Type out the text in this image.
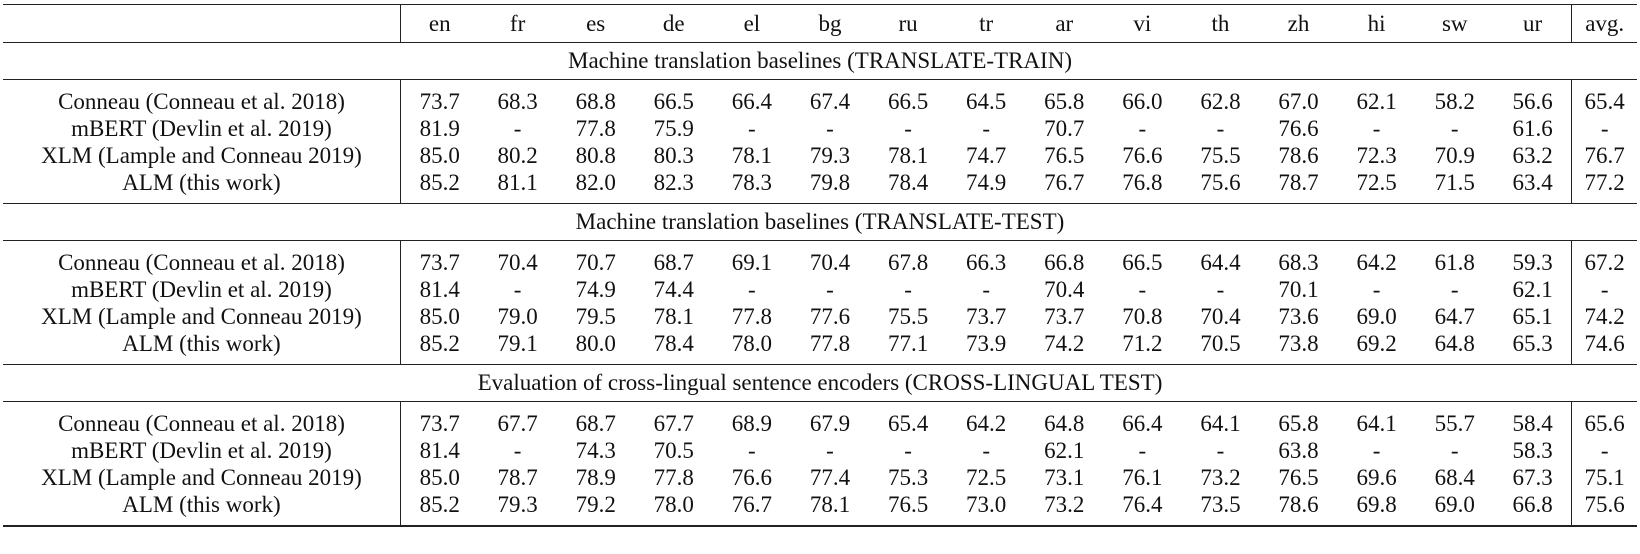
	en	fr	es	de	el	bg	ru	tr	ar	vi	th	zh	hi	sw	ur	avg.
Machine translation baselines (TRANSLATE-TRAIN)																

Conneau (Conneau et al. 2018)	73.7	68.3	68.8	66.5	66.4	67.4	66.5	64.5	65.8	66.0	62.8	67.0	62.1	58.2	56.6	65.4
mBERT (Devlin et al. 2019)	81.9	-	77.8	75.9	-	-	-	-	70.7	-	-	76.6	-	-	61.6	-
XLM (Lample and Conneau 2019)	85.0	80.2	80.8	80.3	78.1	79.3	78.1	74.7	76.5	76.6	75.5	78.6	72.3	70.9	63.2	76.7
ALM (this work)	85.2	81.1	82.0	82.3	78.3	79.8	78.4	74.9	76.7	76.8	75.6	78.7	72.5	71.5	63.4	77.2

Machine translation baselines (TRANSLATE-TEST)																

Conneau (Conneau et al. 2018)	73.7	70.4	70.7	68.7	69.1	70.4	67.8	66.3	66.8	66.5	64.4	68.3	64.2	61.8	59.3	67.2
mBERT (Devlin et al. 2019)	81.4	-	74.9	74.4	-	-	-	-	70.4	-	-	70.1	-	-	62.1	-
XLM (Lample and Conneau 2019)	85.0	79.0	79.5	78.1	77.8	77.6	75.5	73.7	73.7	70.8	70.4	73.6	69.0	64.7	65.1	74.2
ALM (this work)	85.2	79.1	80.0	78.4	78.0	77.8	77.1	73.9	74.2	71.2	70.5	73.8	69.2	64.8	65.3	74.6

Evaluation of cross-lingual sentence encoders (CROSS-LINGUAL TEST)																

Conneau (Conneau et al. 2018)	73.7	67.7	68.7	67.7	68.9	67.9	65.4	64.2	64.8	66.4	64.1	65.8	64.1	55.7	58.4	65.6
mBERT (Devlin et al. 2019)	81.4	-	74.3	70.5	-	-	-	-	62.1	-	-	63.8	-	-	58.3	-
XLM (Lample and Conneau 2019)	85.0	78.7	78.9	77.8	76.6	77.4	75.3	72.5	73.1	76.1	73.2	76.5	69.6	68.4	67.3	75.1
ALM (this work)	85.2	79.3	79.2	78.0	76.7	78.1	76.5	73.0	73.2	76.4	73.5	78.6	69.8	69.0	66.8	75.6
